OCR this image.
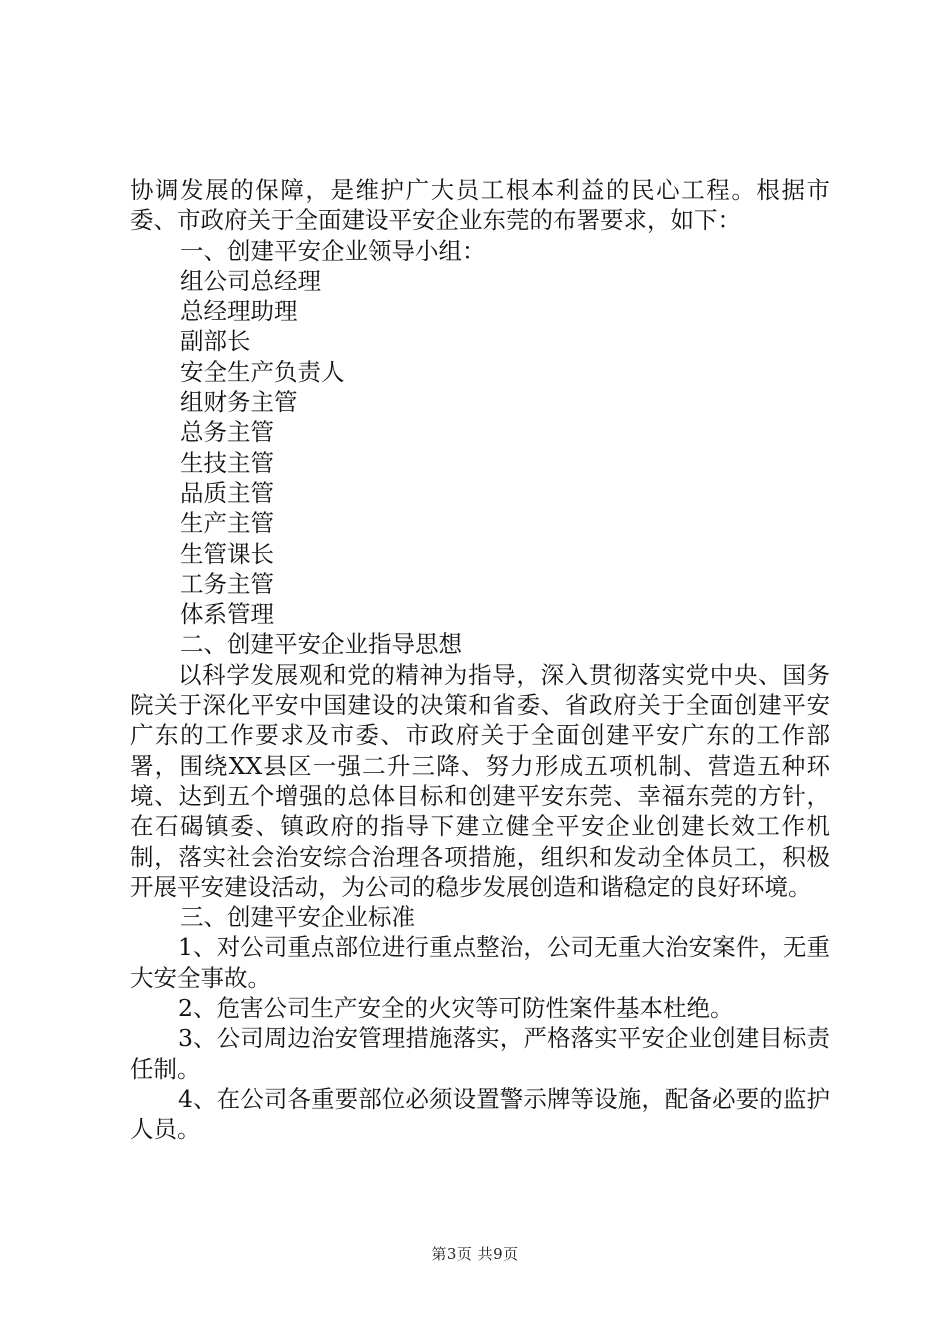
协调发展的保障，是维护广大员工根本利益的民心工程。根据市委、市政府关于全面建设平安企业东莞的布署要求，如下：

一、创建平安企业领导小组：

组公司总经理

总经理助理

副部长

安全生产负责人

组财务主管

总务主管

生技主管

品质主管

生产主管

生管课长

工务主管

体系管理

二、创建平安企业指导思想

以科学发展观和党的精神为指导，深入贯彻落实党中央、国务院关于深化平安中国建设的决策和省委、省政府关于全面创建平安广东的工作要求及市委、市政府关于全面创建平安广东的工作部署，围绕XX县区一强二升三降、努力形成五项机制、营造五种环境、达到五个增强的总体目标和创建平安东莞、幸福东莞的方针，在石碣镇委、镇政府的指导下建立健全平安企业创建长效工作机制，落实社会治安综合治理各项措施，组织和发动全体员工，积极开展平安建设活动，为公司的稳步发展创造和谐稳定的良好环境。

三、创建平安企业标准

1、对公司重点部位进行重点整治，公司无重大治安案件，无重大安全事故。

2、危害公司生产安全的火灾等可防性案件基本杜绝。

3、公司周边治安管理措施落实，严格落实平安企业创建目标责任制。

4、在公司各重要部位必须设置警示牌等设施，配备必要的监护人员。

第3页 共9页
